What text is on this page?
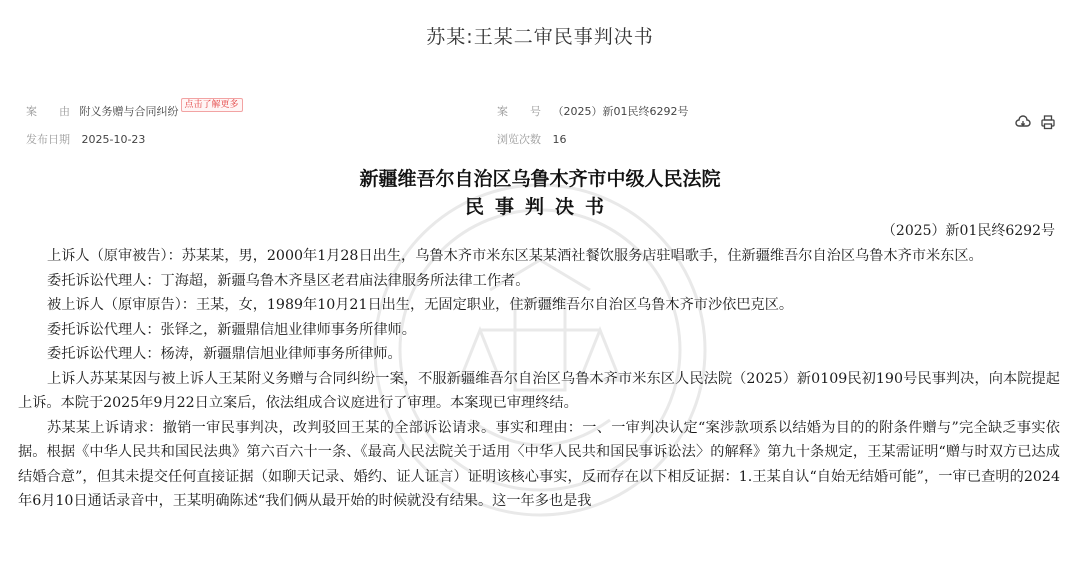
苏某:王某二审民事判决书
案　　由 附义务赠与合同纠纷 点击了解更多	案　　号 （2025）新01民终6292号
发布日期 2025-10-23	浏览次数 16

新疆维吾尔自治区乌鲁木齐市中级人民法院
民事判决书
（2025）新01民终6292号

上诉人（原审被告）：苏某某，男，2000年1月28日出生，乌鲁木齐市米东区某某酒社餐饮服务店驻唱歌手，住新疆维吾尔自治区乌鲁木齐市米东区。

委托诉讼代理人：丁海超，新疆乌鲁木齐垦区老君庙法律服务所法律工作者。

被上诉人（原审原告）：王某，女，1989年10月21日出生，无固定职业，住新疆维吾尔自治区乌鲁木齐市沙依巴克区。

委托诉讼代理人：张铎之，新疆鼎信旭业律师事务所律师。

委托诉讼代理人：杨涛，新疆鼎信旭业律师事务所律师。

上诉人苏某某因与被上诉人王某附义务赠与合同纠纷一案，不服新疆维吾尔自治区乌鲁木齐市米东区人民法院（2025）新0109民初190号民事判决，向本院提起上诉。本院于2025年9月22日立案后，依法组成合议庭进行了审理。本案现已审理终结。

苏某某上诉请求：撤销一审民事判决，改判驳回王某的全部诉讼请求。事实和理由：一、一审判决认定“案涉款项系以结婚为目的的附条件赠与”完全缺乏事实依据。根据《中华人民共和国民法典》第六百六十一条、《最高人民法院关于适用〈中华人民共和国民事诉讼法〉的解释》第九十条规定，王某需证明“赠与时双方已达成结婚合意”，但其未提交任何直接证据（如聊天记录、婚约、证人证言）证明该核心事实，反而存在以下相反证据：1.王某自认“自始无结婚可能”，一审已查明的2024年6月10日通话录音中，王某明确陈述“我们俩从最开始的时候就没有结果。这一年多也是我
